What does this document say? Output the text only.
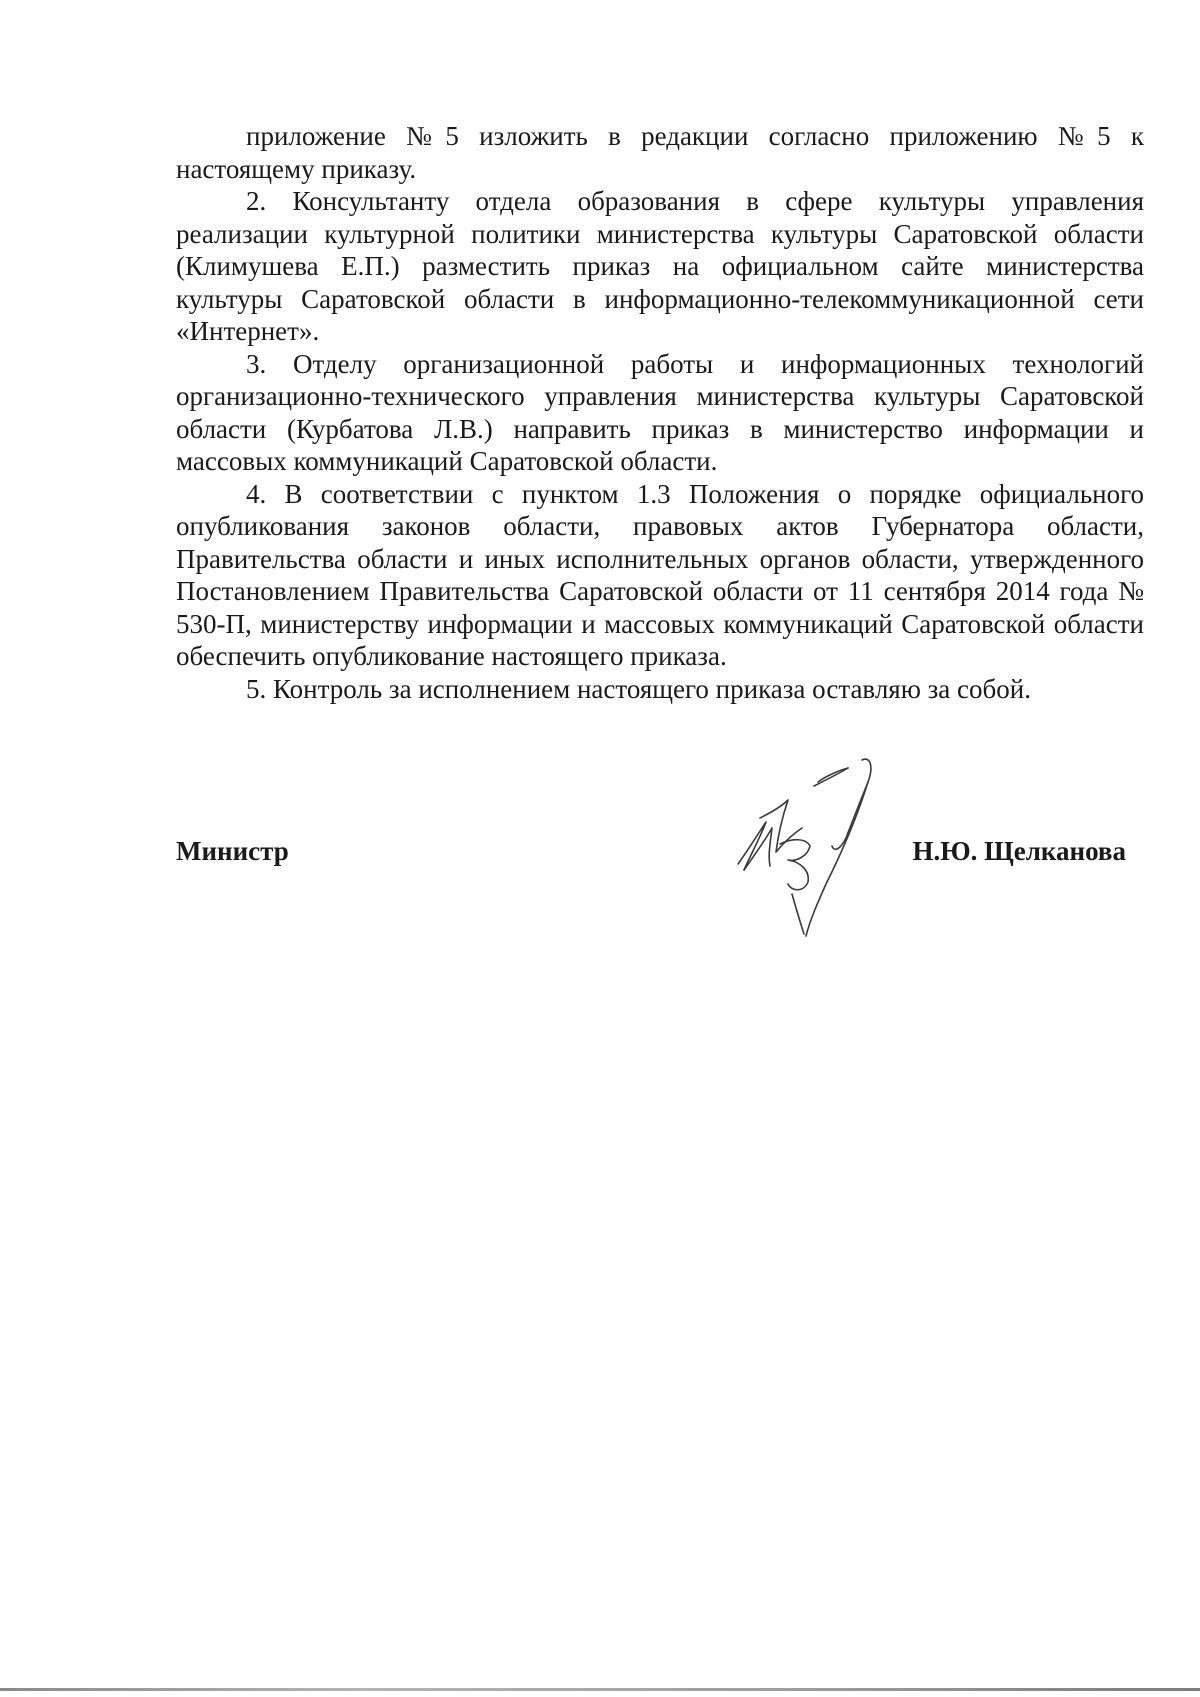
приложение №5 изложить в редакции согласно приложению №5 к настоящему приказу.

2. Консультанту отдела образования в сфере культуры управления реализации культурной политики министерства культуры Саратовской области (Климушева Е.П.) разместить приказ на официальном сайте министерства культуры Саратовской области в информационно-телекоммуникационной сети «Интернет».

3. Отделу организационной работы и информационных технологий организационно-технического управления министерства культуры Саратовской области (Курбатова Л.В.) направить приказ в министерство информации и массовых коммуникаций Саратовской области.

4. В соответствии с пунктом 1.3 Положения о порядке официального опубликования законов области, правовых актов Губернатора области, Правительства области и иных исполнительных органов области, утвержденного Постановлением Правительства Саратовской области от 11 сентября 2014 года № 530-П, министерству информации и массовых коммуникаций Саратовской области обеспечить опубликование настоящего приказа.

5. Контроль за исполнением настоящего приказа оставляю за собой.

Министр	Н.Ю. Щелканова
